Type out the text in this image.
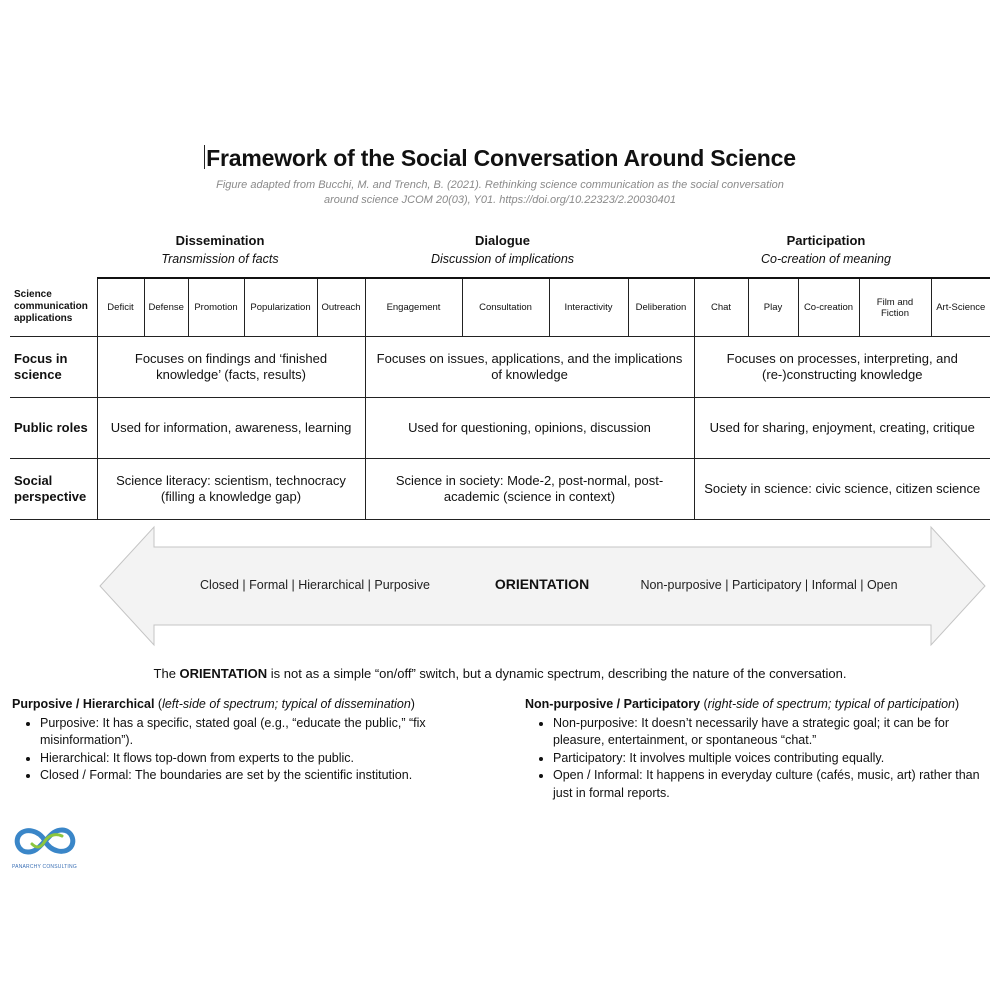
Framework of the Social Conversation Around Science
Figure adapted from Bucchi, M. and Trench, B. (2021). Rethinking science communication as the social conversation
around science JCOM 20(03), Y01. https://doi.org/10.22323/2.20030401
Dissemination
Transmission of facts
Dialogue
Discussion of implications
Participation
Co-creation of meaning
Science communication applications	Deficit	Defense	Promotion	Popularization	Outreach	Engagement	Consultation	Interactivity	Deliberation	Chat	Play	Co-creation	Film and Fiction	Art-Science
Focus in science	Focuses on findings and ‘finished knowledge’ (facts, results)					Focuses on issues, applications, and the implications of knowledge				Focuses on processes, interpreting, and (re-)constructing knowledge				
Public roles	Used for information, awareness, learning					Used for questioning, opinions, discussion				Used for sharing, enjoyment, creating, critique				
Social perspective	Science literacy: scientism, technocracy (filling a knowledge gap)					Science in society: Mode-2, post-normal, post-academic (science in context)				Society in science: civic science, citizen science				
Closed | Formal | Hierarchical | Purposive	ORIENTATION	Non-purposive | Participatory | Informal | Open
The ORIENTATION is not as a simple “on/off” switch, but a dynamic spectrum, describing the nature of the conversation.
Purposive / Hierarchical (left-side of spectrum; typical of dissemination)
• Purposive: It has a specific, stated goal (e.g., “educate the public,” “fix misinformation”).
• Hierarchical: It flows top-down from experts to the public.
• Closed / Formal: The boundaries are set by the scientific institution.
Non-purposive / Participatory (right-side of spectrum; typical of participation)
• Non-purposive: It doesn’t necessarily have a strategic goal; it can be for pleasure, entertainment, or spontaneous “chat.”
• Participatory: It involves multiple voices contributing equally.
• Open / Informal: It happens in everyday culture (cafés, music, art) rather than just in formal reports.
PANARCHY CONSULTING
